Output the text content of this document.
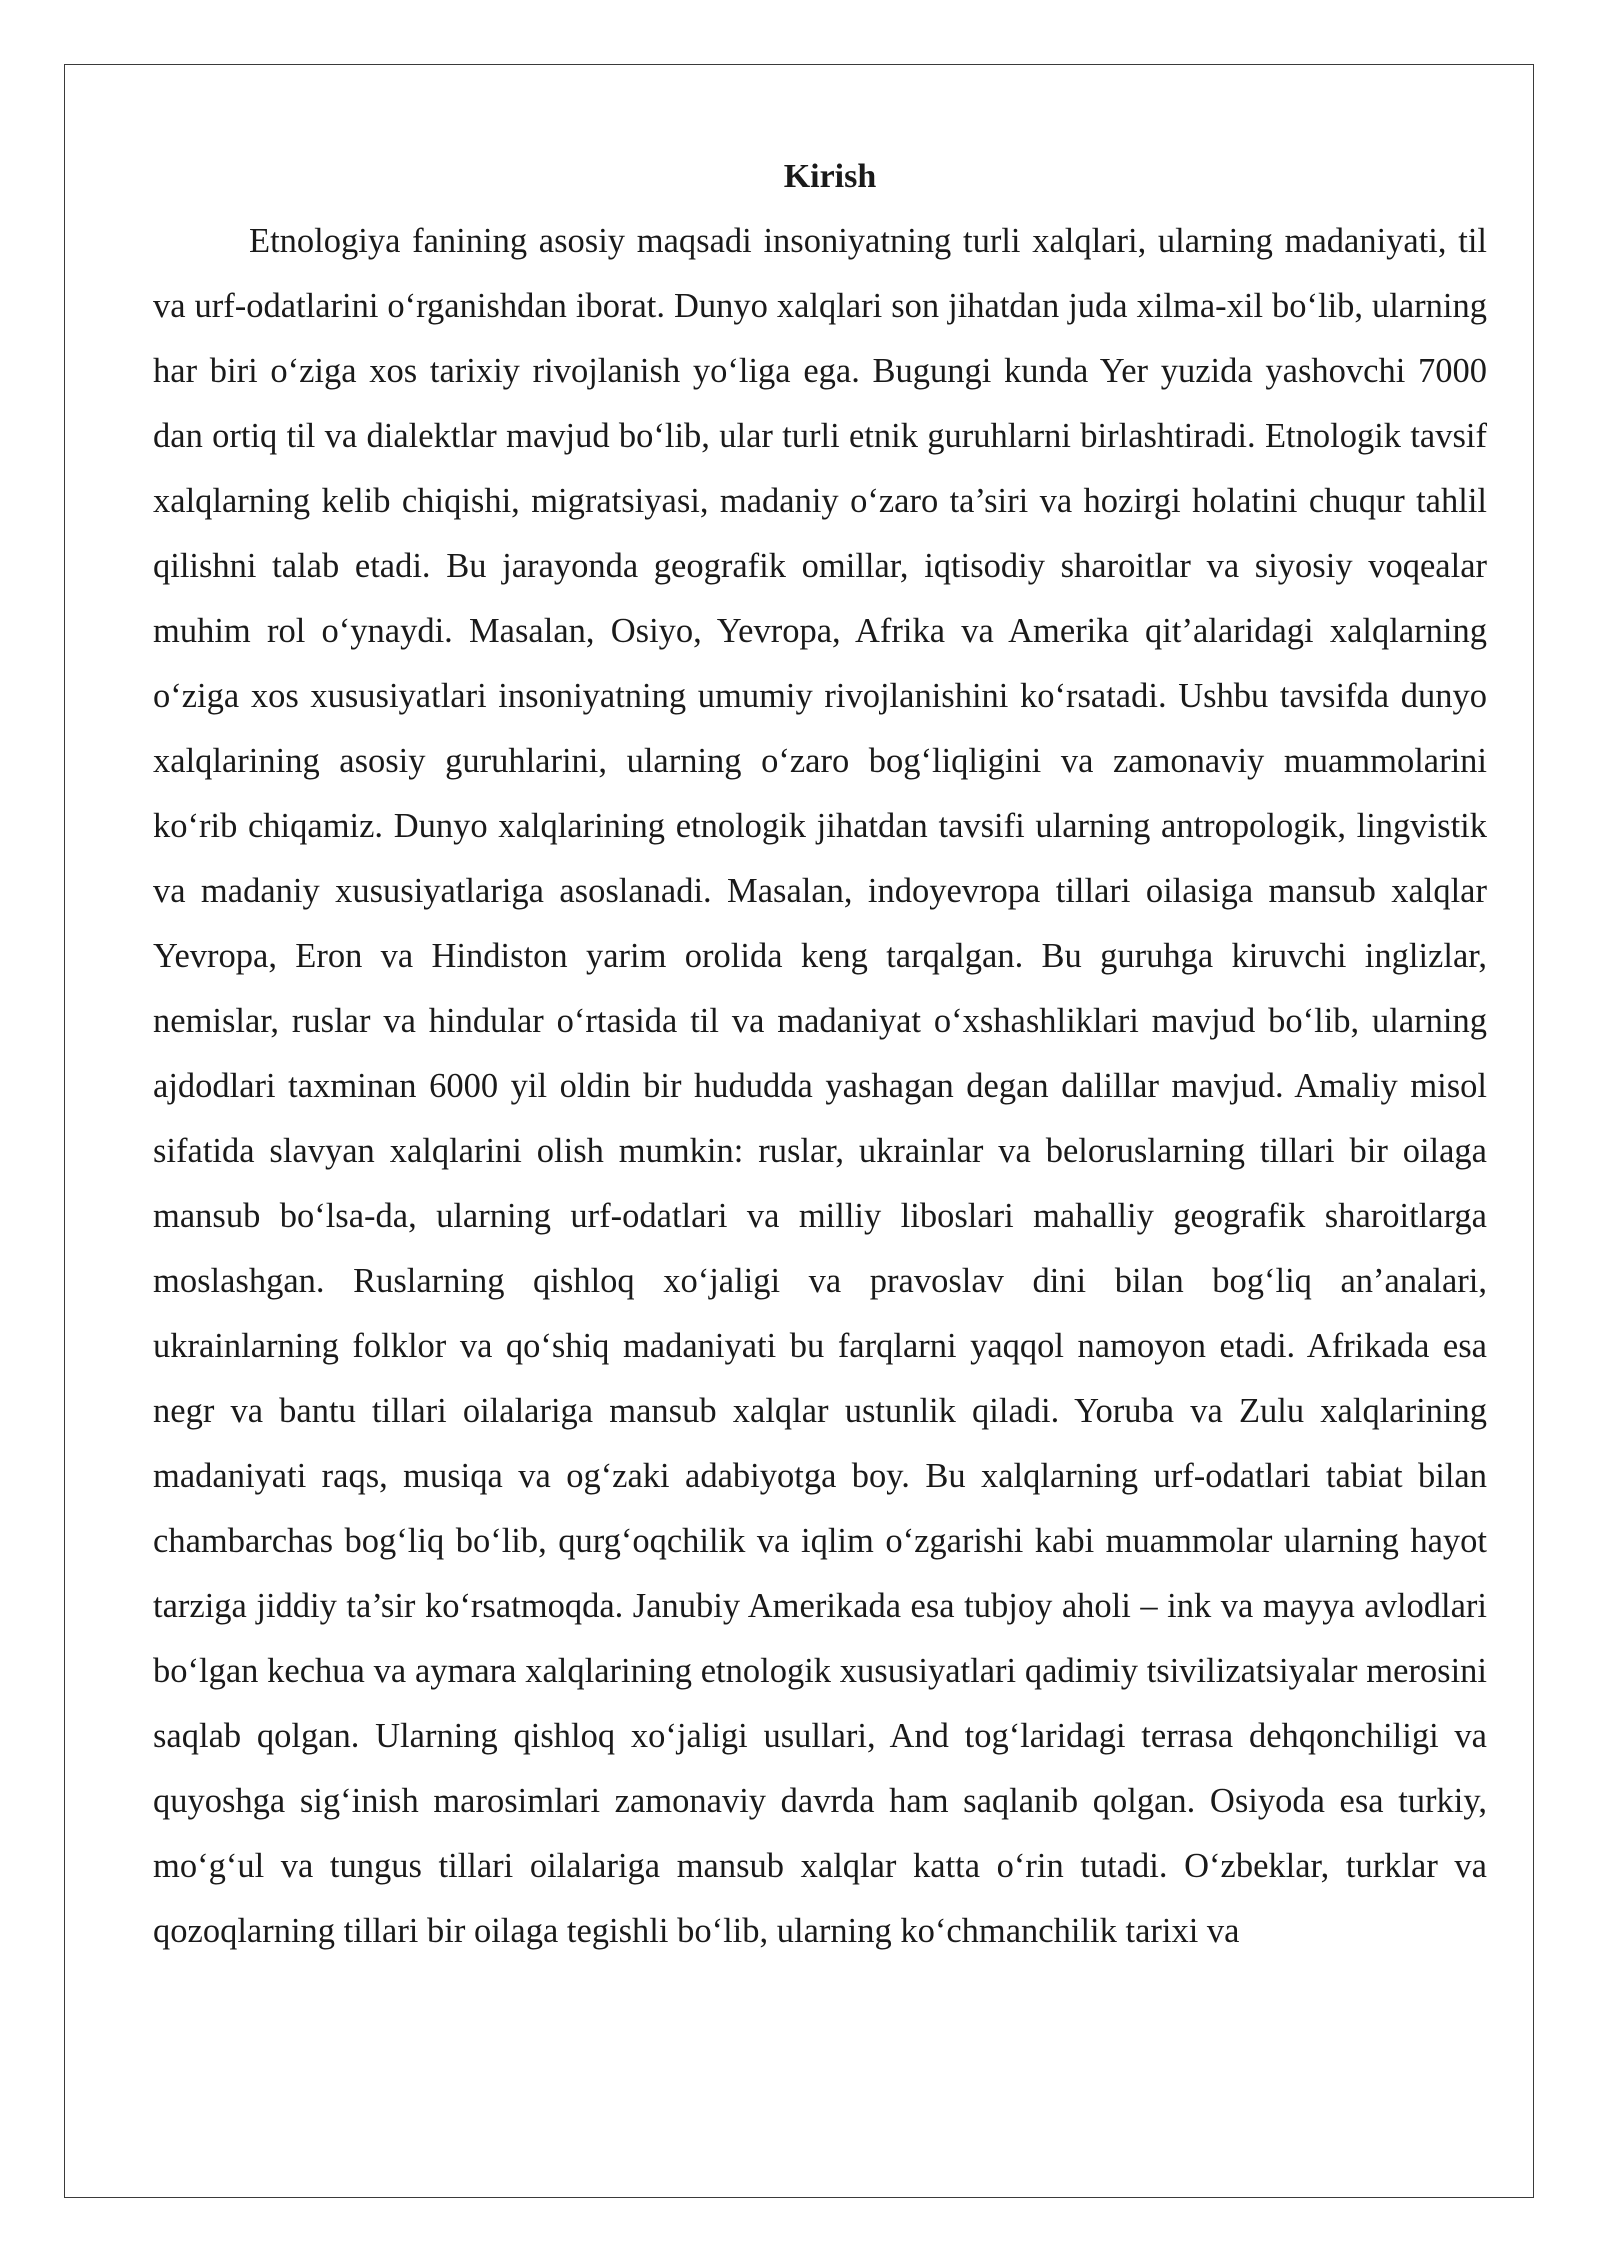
Kirish

Etnologiya fanining asosiy maqsadi insoniyatning turli xalqlari, ularning madaniyati, til va urf-odatlarini o‘rganishdan iborat. Dunyo xalqlari son jihatdan juda xilma-xil bo‘lib, ularning har biri o‘ziga xos tarixiy rivojlanish yo‘liga ega. Bugungi kunda Yer yuzida yashovchi 7000 dan ortiq til va dialektlar mavjud bo‘lib, ular turli etnik guruhlarni birlashtiradi. Etnologik tavsif xalqlarning kelib chiqishi, migratsiyasi, madaniy o‘zaro ta’siri va hozirgi holatini chuqur tahlil qilishni talab etadi. Bu jarayonda geografik omillar, iqtisodiy sharoitlar va siyosiy voqealar muhim rol o‘ynaydi. Masalan, Osiyo, Yevropa, Afrika va Amerika qit’alaridagi xalqlarning o‘ziga xos xususiyatlari insoniyatning umumiy rivojlanishini ko‘rsatadi. Ushbu tavsifda dunyo xalqlarining asosiy guruhlarini, ularning o‘zaro bog‘liqligini va zamonaviy muammolarini ko‘rib chiqamiz. Dunyo xalqlarining etnologik jihatdan tavsifi ularning antropologik, lingvistik va madaniy xususiyatlariga asoslanadi. Masalan, indoyevropa tillari oilasiga mansub xalqlar Yevropa, Eron va Hindiston yarim orolida keng tarqalgan. Bu guruhga kiruvchi inglizlar, nemislar, ruslar va hindular o‘rtasida til va madaniyat o‘xshashliklari mavjud bo‘lib, ularning ajdodlari taxminan 6000 yil oldin bir hududda yashagan degan dalillar mavjud. Amaliy misol sifatida slavyan xalqlarini olish mumkin: ruslar, ukrainlar va beloruslarning tillari bir oilaga mansub bo‘lsa-da, ularning urf-odatlari va milliy liboslari mahalliy geografik sharoitlarga moslashgan. Ruslarning qishloq xo‘jaligi va pravoslav dini bilan bog‘liq an’analari, ukrainlarning folklor va qo‘shiq madaniyati bu farqlarni yaqqol namoyon etadi. Afrikada esa negr va bantu tillari oilalariga mansub xalqlar ustunlik qiladi. Yoruba va Zulu xalqlarining madaniyati raqs, musiqa va og‘zaki adabiyotga boy. Bu xalqlarning urf-odatlari tabiat bilan chambarchas bog‘liq bo‘lib, qurg‘oqchilik va iqlim o‘zgarishi kabi muammolar ularning hayot tarziga jiddiy ta’sir ko‘rsatmoqda. Janubiy Amerikada esa tubjoy aholi – ink va mayya avlodlari bo‘lgan kechua va aymara xalqlarining etnologik xususiyatlari qadimiy tsivilizatsiyalar merosini saqlab qolgan. Ularning qishloq xo‘jaligi usullari, And tog‘laridagi terrasa dehqonchiligi va quyoshga sig‘inish marosimlari zamonaviy davrda ham saqlanib qolgan. Osiyoda esa turkiy, mo‘g‘ul va tungus tillari oilalariga mansub xalqlar katta o‘rin tutadi. O‘zbeklar, turklar va qozoqlarning tillari bir oilaga tegishli bo‘lib, ularning ko‘chmanchilik tarixi va
